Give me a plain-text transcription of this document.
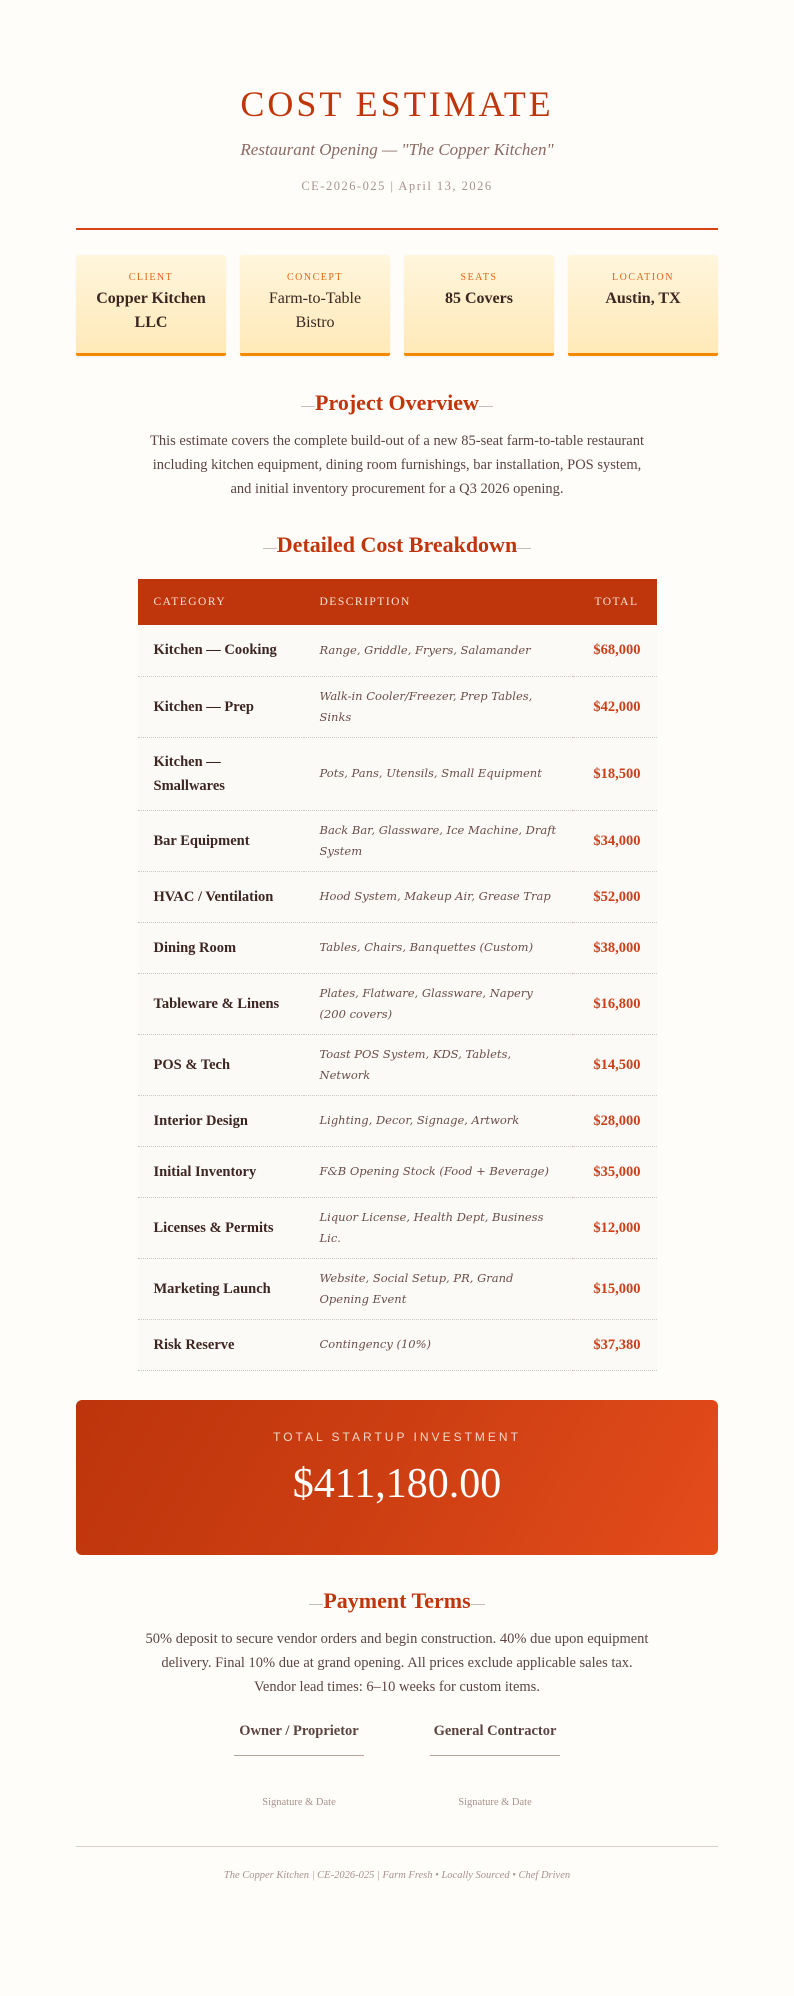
COST ESTIMATE
Restaurant Opening — "The Copper Kitchen"
CE-2026-025 | April 13, 2026
CLIENT
Copper Kitchen LLC
CONCEPT
Farm-to-Table Bistro
SEATS
85 Covers
LOCATION
Austin, TX
Project Overview

This estimate covers the complete build-out of a new 85-seat farm-to-table restaurant including kitchen equipment, dining room furnishings, bar installation, POS system, and initial inventory procurement for a Q3 2026 opening.

Detailed Cost Breakdown
CATEGORY	DESCRIPTION	TOTAL
Kitchen — Cooking	Range, Griddle, Fryers, Salamander	$68,000
Kitchen — Prep	Walk-in Cooler/Freezer, Prep Tables, Sinks	$42,000
Kitchen — Smallwares	Pots, Pans, Utensils, Small Equipment	$18,500
Bar Equipment	Back Bar, Glassware, Ice Machine, Draft System	$34,000
HVAC / Ventilation	Hood System, Makeup Air, Grease Trap	$52,000
Dining Room	Tables, Chairs, Banquettes (Custom)	$38,000
Tableware & Linens	Plates, Flatware, Glassware, Napery (200 covers)	$16,800
POS & Tech	Toast POS System, KDS, Tablets, Network	$14,500
Interior Design	Lighting, Decor, Signage, Artwork	$28,000
Initial Inventory	F&B Opening Stock (Food + Beverage)	$35,000
Licenses & Permits	Liquor License, Health Dept, Business Lic.	$12,000
Marketing Launch	Website, Social Setup, PR, Grand Opening Event	$15,000
Risk Reserve	Contingency (10%)	$37,380
TOTAL STARTUP INVESTMENT
$411,180.00
Payment Terms

50% deposit to secure vendor orders and begin construction. 40% due upon equipment delivery. Final 10% due at grand opening. All prices exclude applicable sales tax. Vendor lead times: 6–10 weeks for custom items.

Owner / Proprietor
Signature & Date
General Contractor
Signature & Date
The Copper Kitchen | CE-2026-025 | Farm Fresh • Locally Sourced • Chef Driven
